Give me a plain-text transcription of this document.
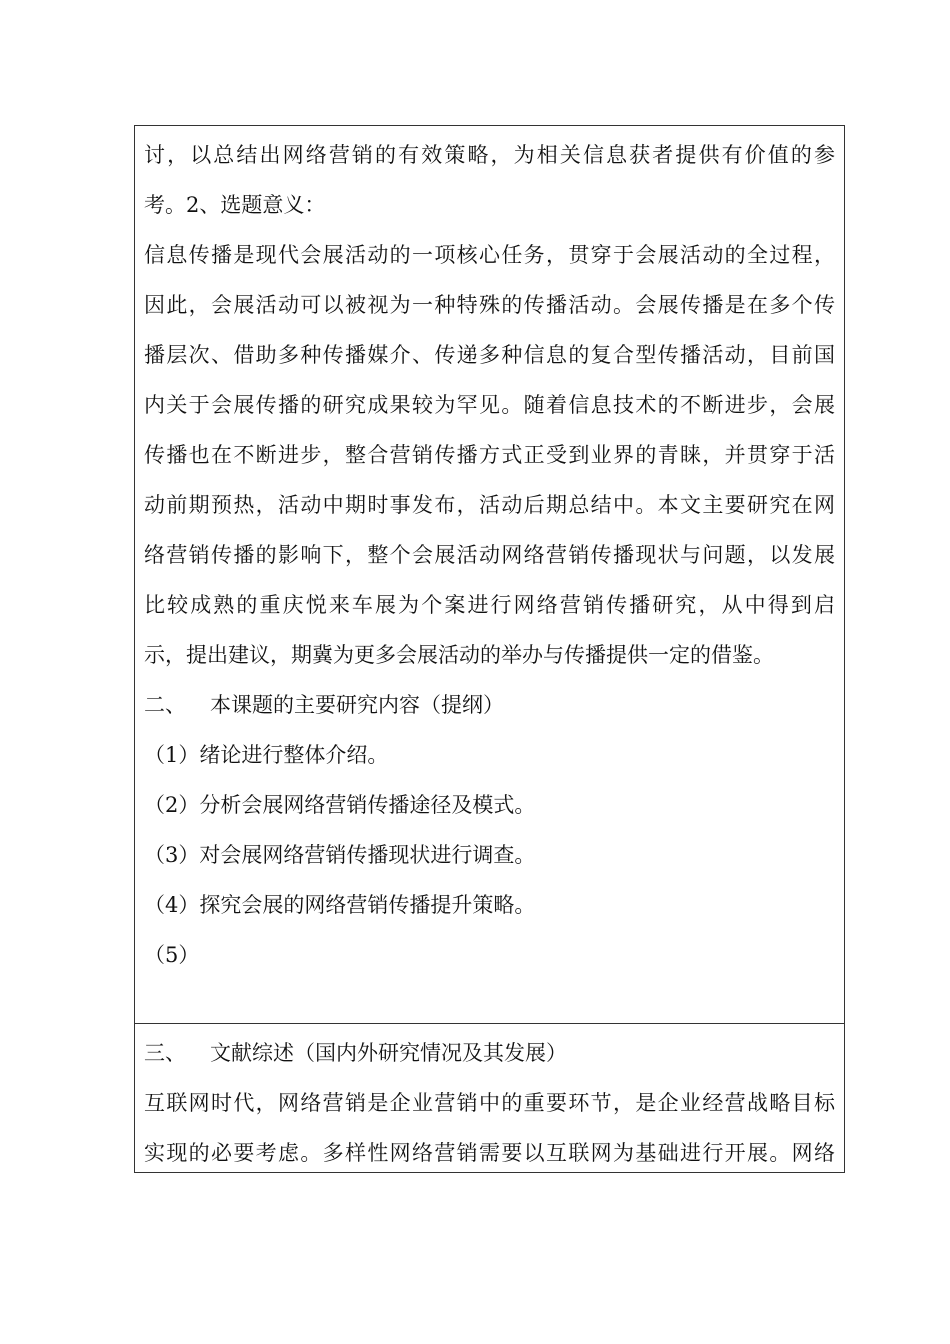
讨，以总结出网络营销的有效策略，为相关信息获者提供有价值的参
考。2、选题意义：
信息传播是现代会展活动的一项核心任务，贯穿于会展活动的全过程，
因此，会展活动可以被视为一种特殊的传播活动。会展传播是在多个传
播层次、借助多种传播媒介、传递多种信息的复合型传播活动，目前国
内关于会展传播的研究成果较为罕见。随着信息技术的不断进步，会展
传播也在不断进步，整合营销传播方式正受到业界的青睐，并贯穿于活
动前期预热，活动中期时事发布，活动后期总结中。本文主要研究在网
络营销传播的影响下，整个会展活动网络营销传播现状与问题，以发展
比较成熟的重庆悦来车展为个案进行网络营销传播研究，从中得到启
示，提出建议，期冀为更多会展活动的举办与传播提供一定的借鉴。
二、 本课题的主要研究内容（提纲）
（1）绪论进行整体介绍。
（2）分析会展网络营销传播途径及模式。
（3）对会展网络营销传播现状进行调查。
（4）探究会展的网络营销传播提升策略。
（5）
三、 文献综述（国内外研究情况及其发展）
互联网时代，网络营销是企业营销中的重要环节，是企业经营战略目标
实现的必要考虑。多样性网络营销需要以互联网为基础进行开展。网络
